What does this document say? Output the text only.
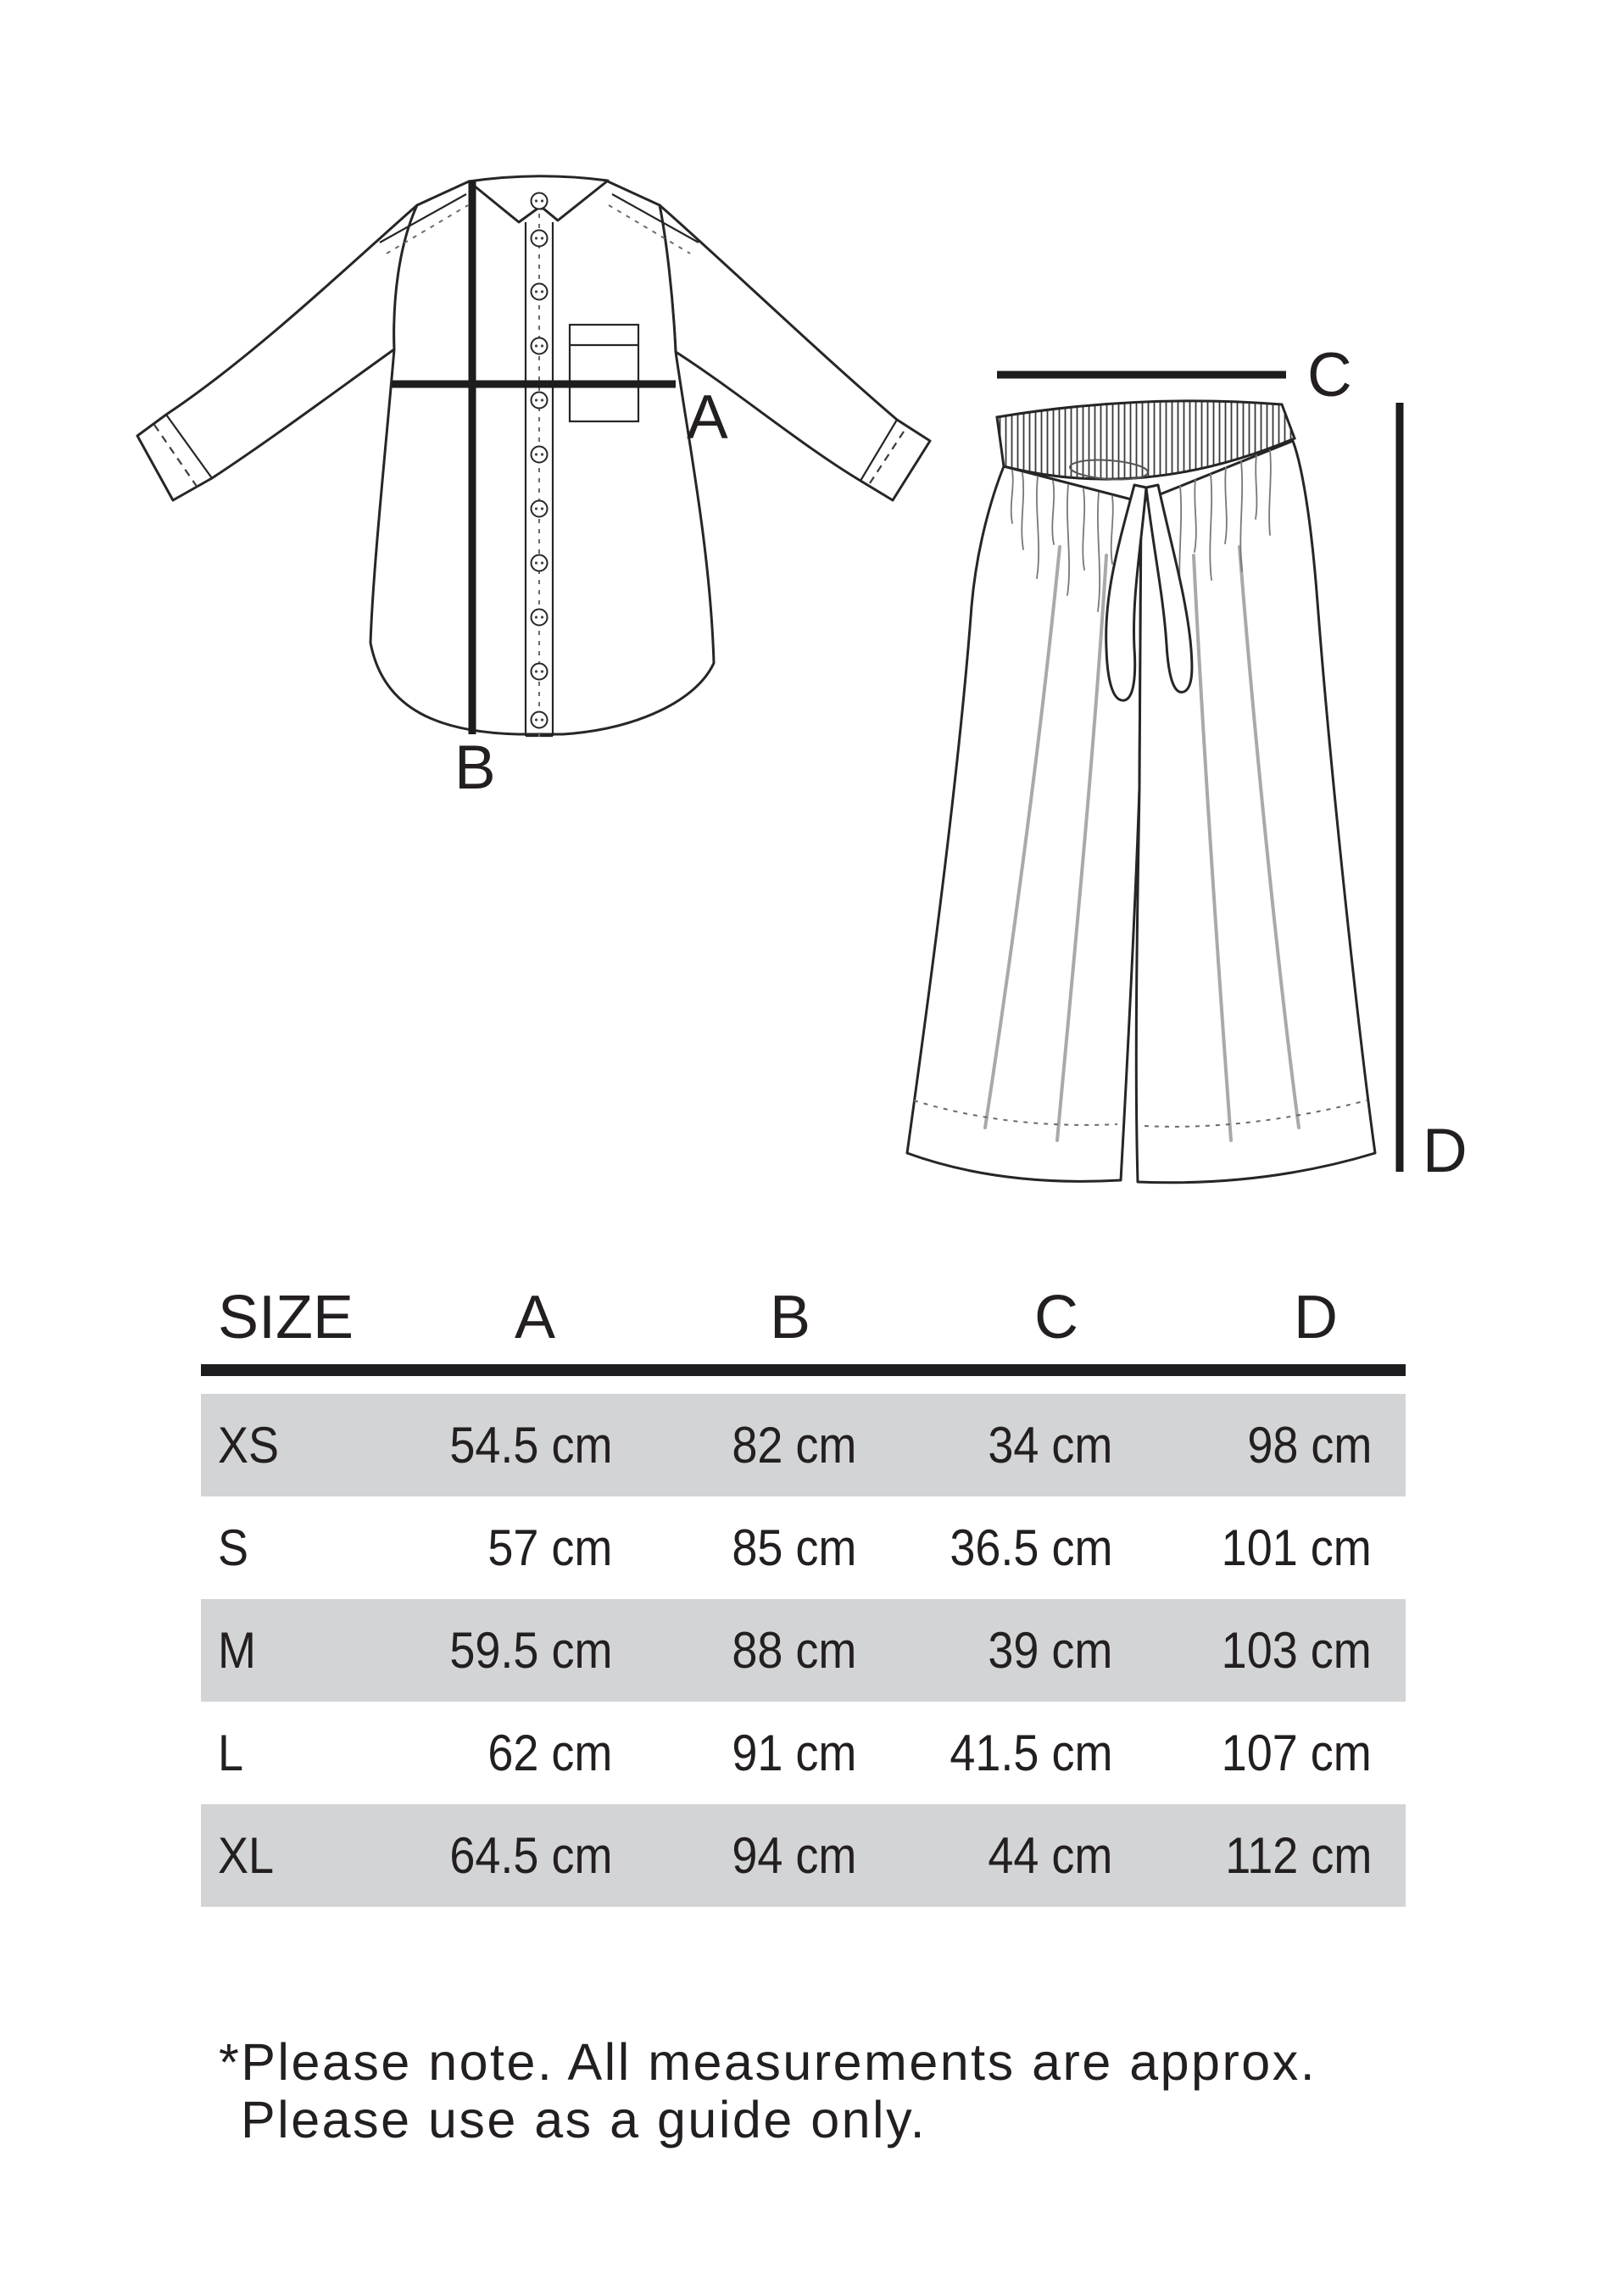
A
B
C
D
SIZE	A	B	C	D
XS	54.5 cm 82 cm	34 cm	98 cm
S	57 cm 85 cm 36.5 cm 101 cm
M	59.5 cm 88 cm	39 cm 103 cm
L	62 cm 91 cm 41.5 cm 107 cm
XL	64.5 cm 94 cm	44 cm 112 cm
*Please note. All measurements are approx.
Please use as a guide only.
